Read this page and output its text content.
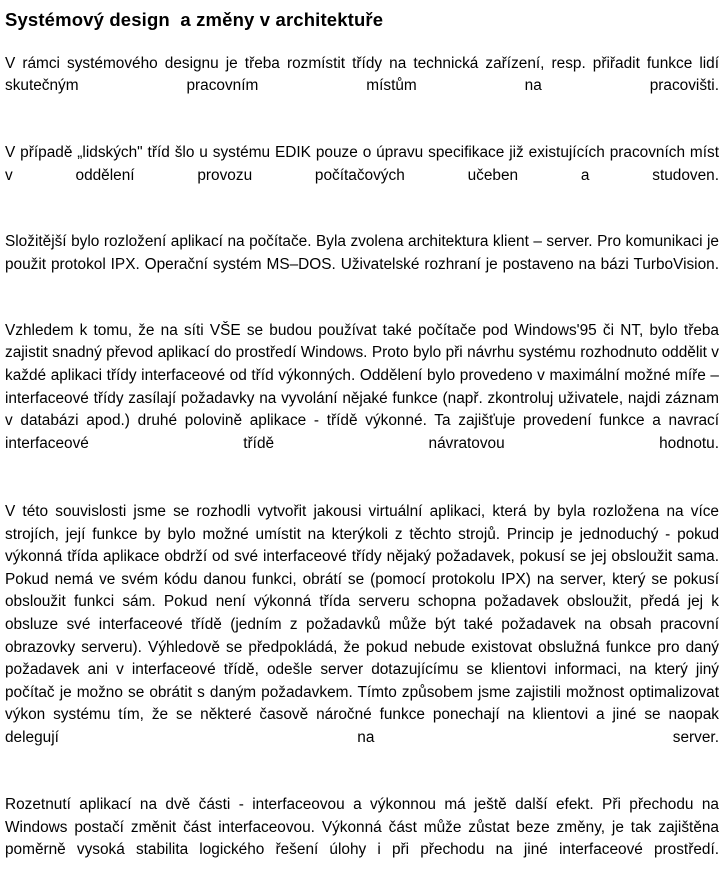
Systémový design  a změny v architektuře

V rámci systémového designu je třeba rozmístit třídy na technická zařízení, resp. přiřadit funkce lidí skutečným pracovním místům na pracovišti.

V případě „lidských" tříd šlo u systému EDIK pouze o úpravu specifikace již existujících pracovních míst v oddělení provozu počítačových učeben a studoven.

Složitější bylo rozložení aplikací na počítače. Byla zvolena architektura klient – server. Pro komunikaci je použit protokol IPX. Operační systém MS–DOS. Uživatelské rozhraní je postaveno na bázi TurboVision.

Vzhledem k tomu, že na síti VŠE se budou používat také počítače pod Windows'95 či NT, bylo třeba zajistit snadný převod aplikací do prostředí Windows. Proto bylo při návrhu systému rozhodnuto oddělit v každé aplikaci třídy interfaceové od tříd výkonných. Oddělení bylo provedeno v maximální možné míře – interfaceové třídy zasílají požadavky na vyvolání nějaké funkce (např. zkontroluj uživatele, najdi záznam v databázi apod.) druhé polovině aplikace - třídě výkonné. Ta zajišťuje provedení funkce a navrací interfaceové třídě návratovou hodnotu.

V této souvislosti jsme se rozhodli vytvořit jakousi virtuální aplikaci, která by byla rozložena na více strojích, její funkce by bylo možné umístit na kterýkoli z těchto strojů. Princip je jednoduchý - pokud výkonná třída aplikace obdrží od své interfaceové třídy nějaký požadavek, pokusí se jej obsloužit sama. Pokud nemá ve svém kódu danou funkci, obrátí se (pomocí protokolu IPX) na server, který se pokusí obsloužit funkci sám. Pokud není výkonná třída serveru schopna požadavek obsloužit, předá jej k obsluze své interfaceové třídě (jedním z požadavků může být také požadavek na obsah pracovní obrazovky serveru). Výhledově se předpokládá, že pokud nebude existovat obslužná funkce pro daný požadavek ani v interfaceové třídě, odešle server dotazujícímu se klientovi informaci, na který jiný počítač je možno se obrátit s daným požadavkem. Tímto způsobem jsme zajistili možnost optimalizovat výkon systému tím, že se některé časově náročné funkce ponechají na klientovi a jiné se naopak delegují na server.

Rozetnutí aplikací na dvě části - interfaceovou a výkonnou má ještě další efekt. Při přechodu na Windows postačí změnit část interfaceovou. Výkonná část může zůstat beze změny, je tak zajištěna poměrně vysoká stabilita logického řešení úlohy i při přechodu na jiné interfaceové prostředí.
